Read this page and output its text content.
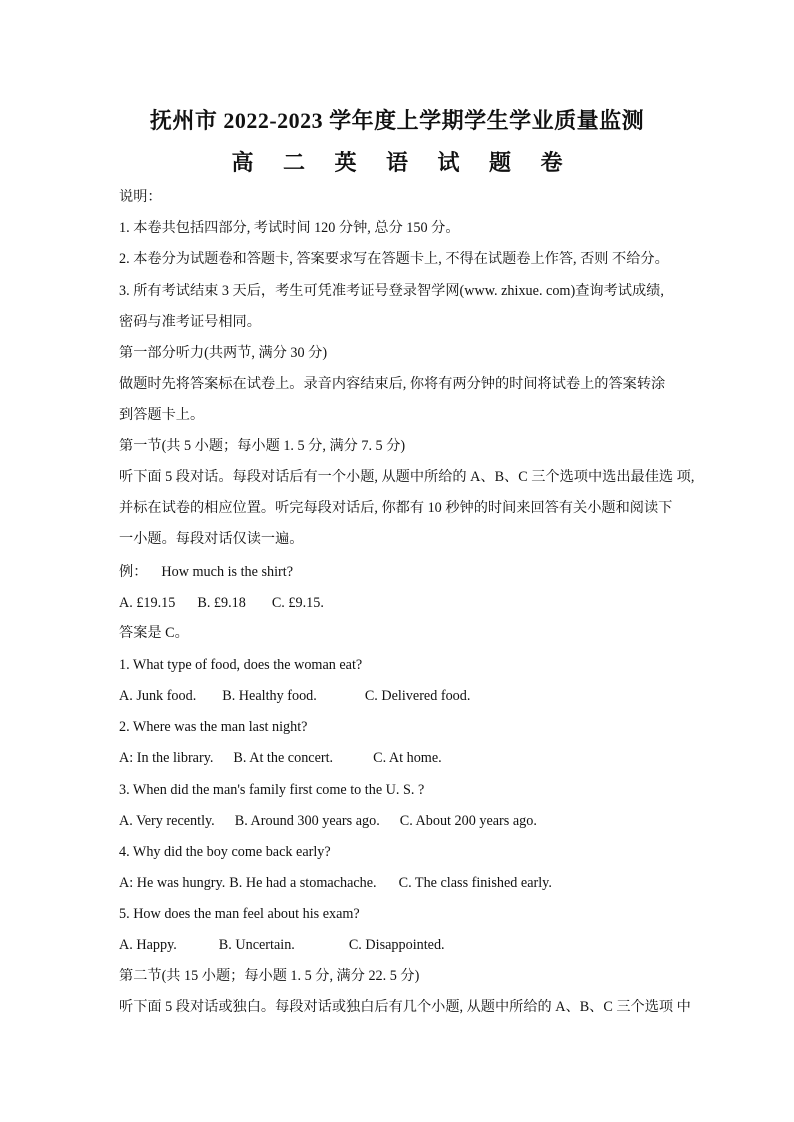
抚州市 2022-2023 学年度上学期学生学业质量监测
高 二 英 语 试 题 卷
说明：
1. 本卷共包括四部分, 考试时间 120 分钟, 总分 150 分。
2. 本卷分为试题卷和答题卡, 答案要求写在答题卡上, 不得在试题卷上作答, 否则 不给分。
3. 所有考试结束 3 天后，考生可凭准考证号登录智学网(www. zhixue. com)查询考试成绩,
密码与准考证号相同。
第一部分听力(共两节, 满分 30 分)
做题时先将答案标在试卷上。录音内容结束后, 你将有两分钟的时间将试卷上的答案转涂
到答题卡上。
第一节(共 5 小题；每小题 1. 5 分, 满分 7. 5 分)
听下面 5 段对话。每段对话后有一个小题, 从题中所给的 A、B、C 三个选项中选出最佳选 项,
并标在试卷的相应位置。听完每段对话后, 你都有 10 秒钟的时间来回答有关小题和阅读下
一小题。每段对话仅读一遍。
例： How much is the shirt?
A. £19.15 B. £9.18 C. £9.15.
答案是 C。
1. What type of food, does the woman eat?
A. Junk food. B. Healthy food.	C. Delivered food.
2. Where was the man last night?
A: In the library. B. At the concert.	C. At home.
3. When did the man's family first come to the U. S. ?
A. Very recently. B. Around 300 years ago. C. About 200 years ago.
4. Why did the boy come back early?
A: He was hungry. B. He had a stomachache. C. The class finished early.
5. How does the man feel about his exam?
A. Happy.	B. Uncertain.	C. Disappointed.
第二节(共 15 小题；每小题 1. 5 分, 满分 22. 5 分)
听下面 5 段对话或独白。每段对话或独白后有几个小题, 从题中所给的 A、B、C 三个选项 中
